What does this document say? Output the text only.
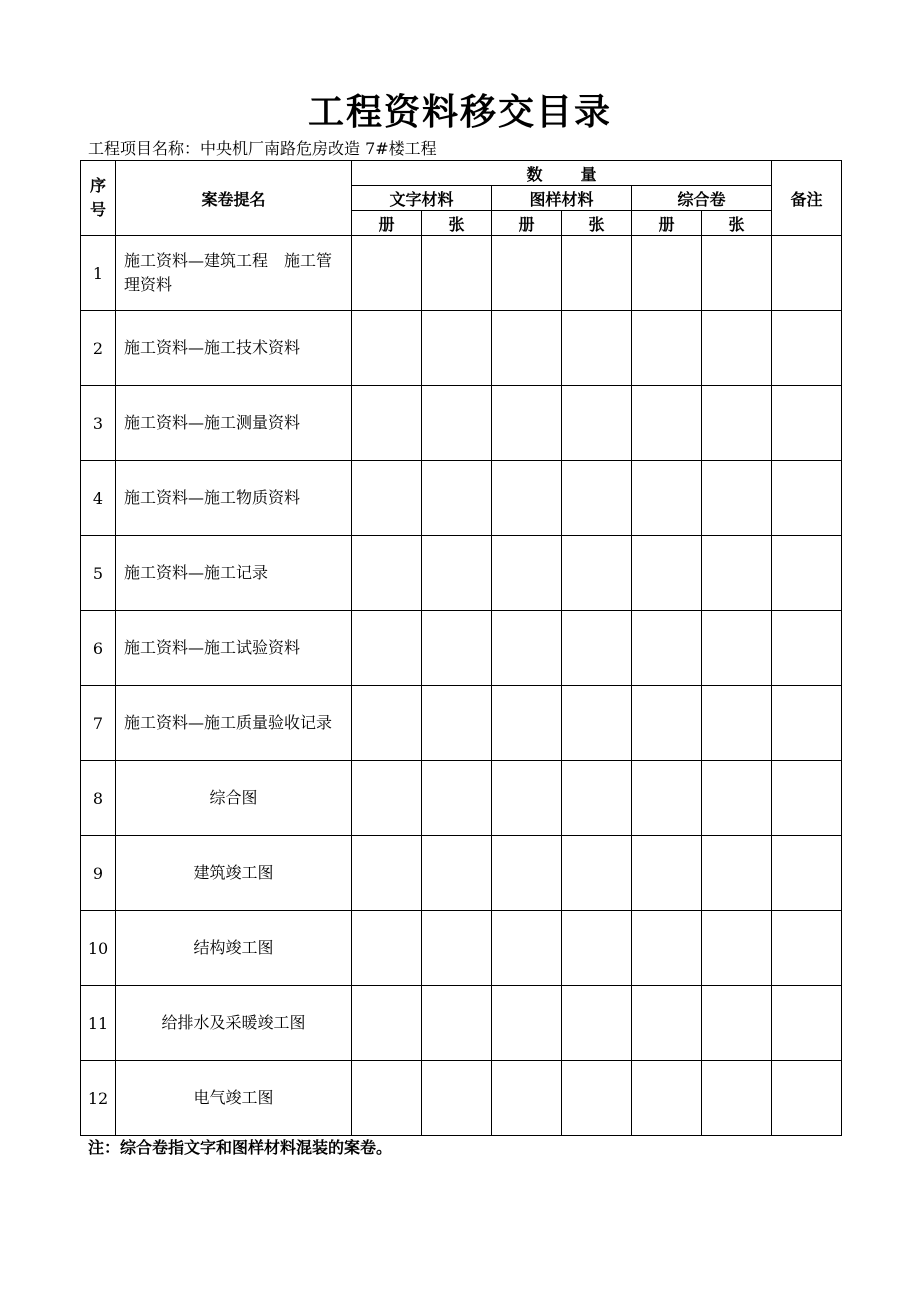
工程资料移交目录
工程项目名称：中央机厂南路危房改造 7#楼工程
序
号	案卷提名	数量						备注
		文字材料		图样材料		综合卷		
		册	张	册	张	册	张	
1	施工资料—建筑工程　施工管理资料							
2	施工资料—施工技术资料							
3	施工资料—施工测量资料							
4	施工资料—施工物质资料							
5	施工资料—施工记录							
6	施工资料—施工试验资料							
7	施工资料—施工质量验收记录							
8	综合图							
9	建筑竣工图							
10	结构竣工图							
11	给排水及采暖竣工图							
12	电气竣工图							
注：综合卷指文字和图样材料混装的案卷。
